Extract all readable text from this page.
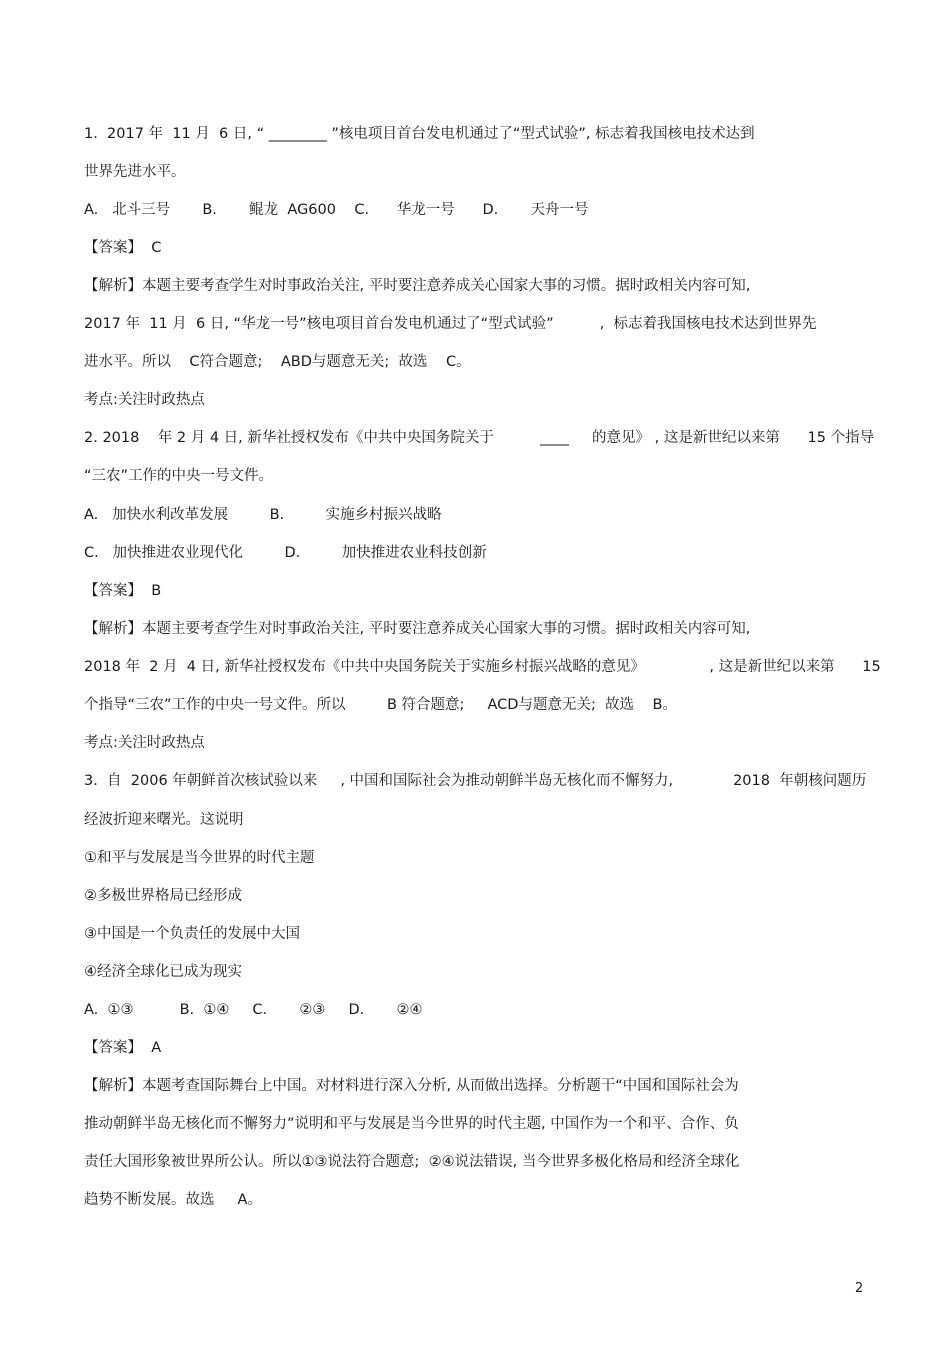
1.  2017 年  11 月  6 日, “ ________ ”核电项目首台发电机通过了“型式试验”, 标志着我国核电技术达到
世界先进水平。
A.   北斗三号       B.       鲲龙  AG600    C.      华龙一号      D.       天舟一号
【答案】  C
【解析】本题主要考查学生对时事政治关注, 平时要注意养成关心国家大事的习惯。据时政相关内容可知,
2017 年  11 月  6 日, “华龙一号”核电项目首台发电机通过了“型式试验”          ,  标志着我国核电技术达到世界先
进水平。所以    C符合题意;    ABD与题意无关;  故选    C。
考点:关注时政热点
2. 2018    年 2 月 4 日, 新华社授权发布《中共中央国务院关于          ____     的意见》 , 这是新世纪以来第      15 个指导
“三农”工作的中央一号文件。
A.   加快水利改革发展         B.         实施乡村振兴战略
C.   加快推进农业现代化         D.         加快推进农业科技创新
【答案】  B
【解析】本题主要考查学生对时事政治关注, 平时要注意养成关心国家大事的习惯。据时政相关内容可知,
2018 年  2 月  4 日, 新华社授权发布《中共中央国务院关于实施乡村振兴战略的意见》              , 这是新世纪以来第      15
个指导“三农”工作的中央一号文件。所以         B 符合题意;     ACD与题意无关;  故选    B。
考点:关注时政热点
3.  自  2006 年朝鲜首次核试验以来     , 中国和国际社会为推动朝鲜半岛无核化而不懈努力,             2018  年朝核问题历
经波折迎来曙光。这说明
①和平与发展是当今世界的时代主题
②多极世界格局已经形成
③中国是一个负责任的发展中大国
④经济全球化已成为现实
A.  ①③          B.  ①④     C.       ②③     D.       ②④
【答案】  A
【解析】本题考查国际舞台上中国。对材料进行深入分析, 从而做出选择。分析题干“中国和国际社会为
推动朝鲜半岛无核化而不懈努力”说明和平与发展是当今世界的时代主题, 中国作为一个和平、合作、负
责任大国形象被世界所公认。所以①③说法符合题意;  ②④说法错误, 当今世界多极化格局和经济全球化
趋势不断发展。故选     A。
2
